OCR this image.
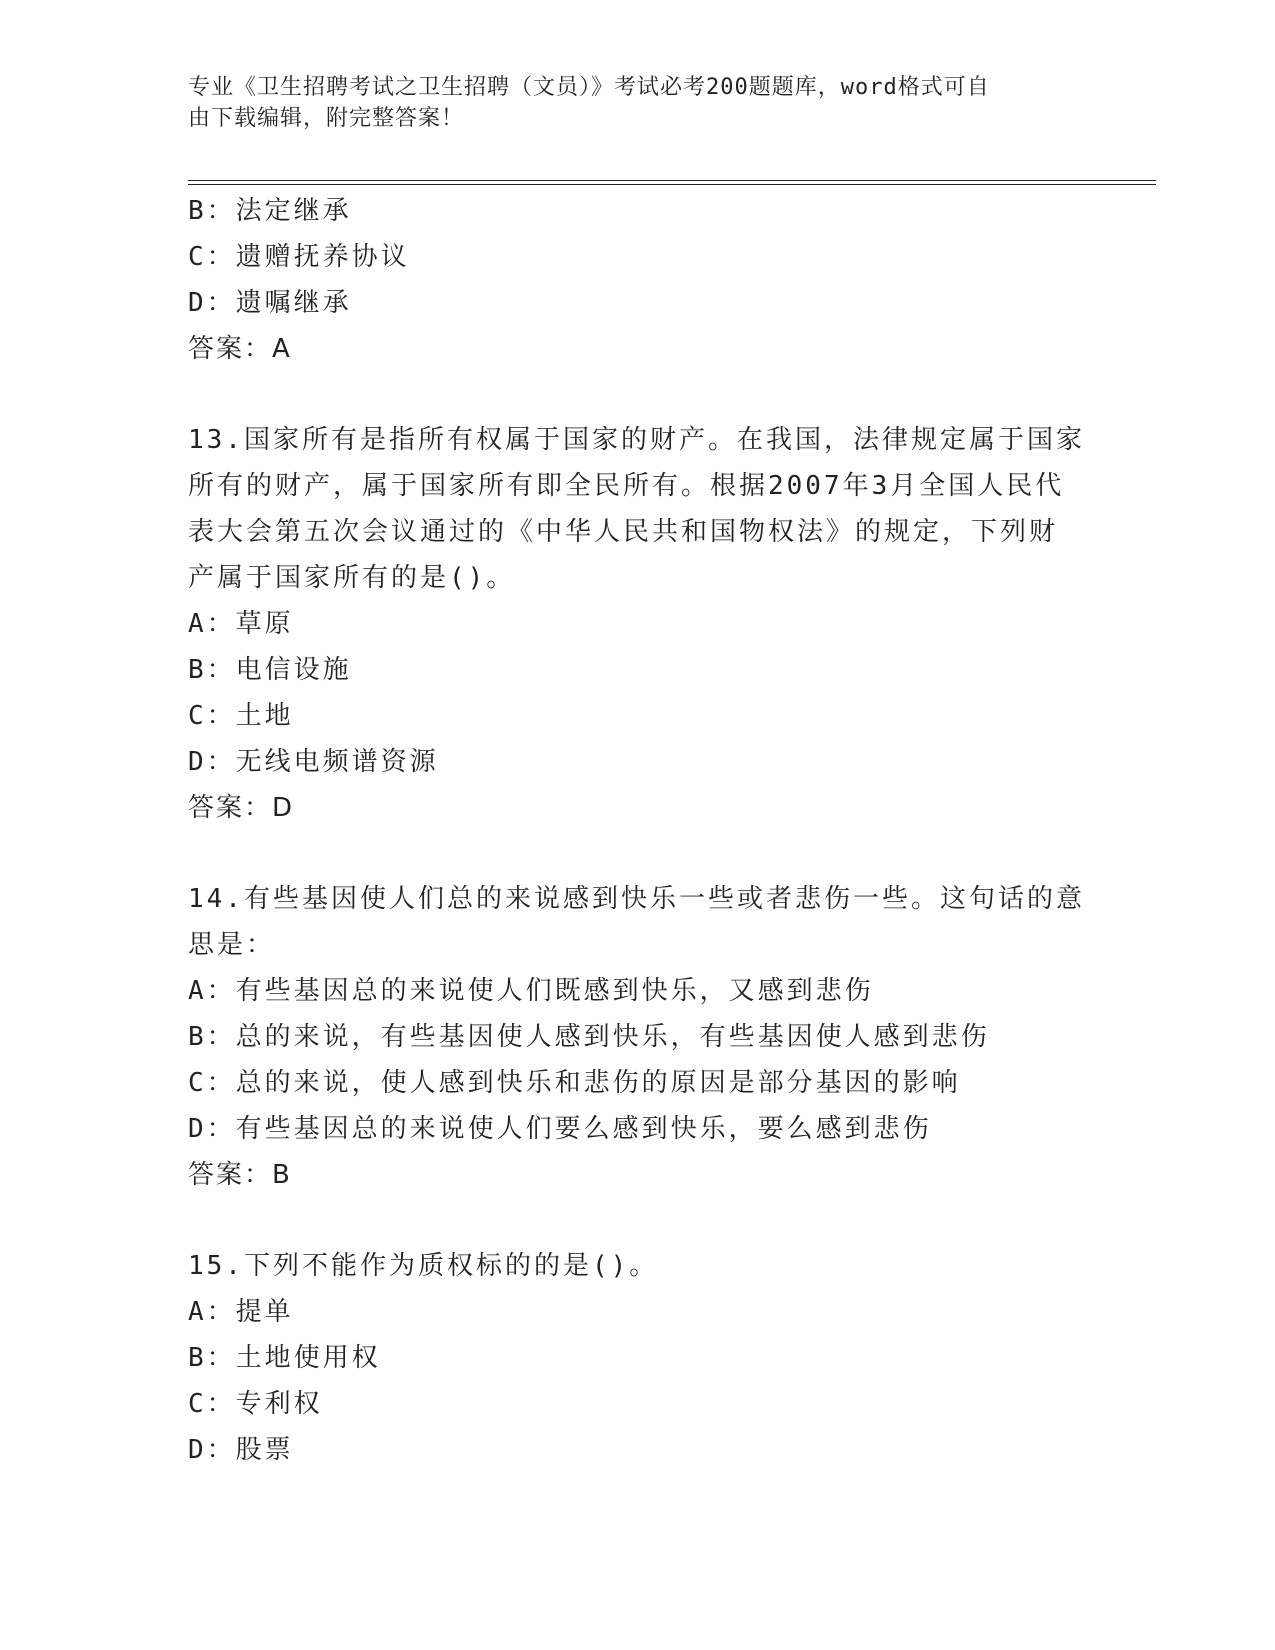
专业《卫生招聘考试之卫生招聘（文员）》考试必考200题题库，word格式可自
由下载编辑，附完整答案！
B：法定继承
C：遗赠抚养协议
D：遗嘱继承
答案：A
13.国家所有是指所有权属于国家的财产。在我国，法律规定属于国家
所有的财产，属于国家所有即全民所有。根据2007年3月全国人民代
表大会第五次会议通过的《中华人民共和国物权法》的规定，下列财
产属于国家所有的是()。
A：草原
B：电信设施
C：土地
D：无线电频谱资源
答案：D
14.有些基因使人们总的来说感到快乐一些或者悲伤一些。这句话的意
思是：
A：有些基因总的来说使人们既感到快乐，又感到悲伤
B：总的来说，有些基因使人感到快乐，有些基因使人感到悲伤
C：总的来说，使人感到快乐和悲伤的原因是部分基因的影响
D：有些基因总的来说使人们要么感到快乐，要么感到悲伤
答案：B
15.下列不能作为质权标的的是()。
A：提单
B：土地使用权
C：专利权
D：股票
